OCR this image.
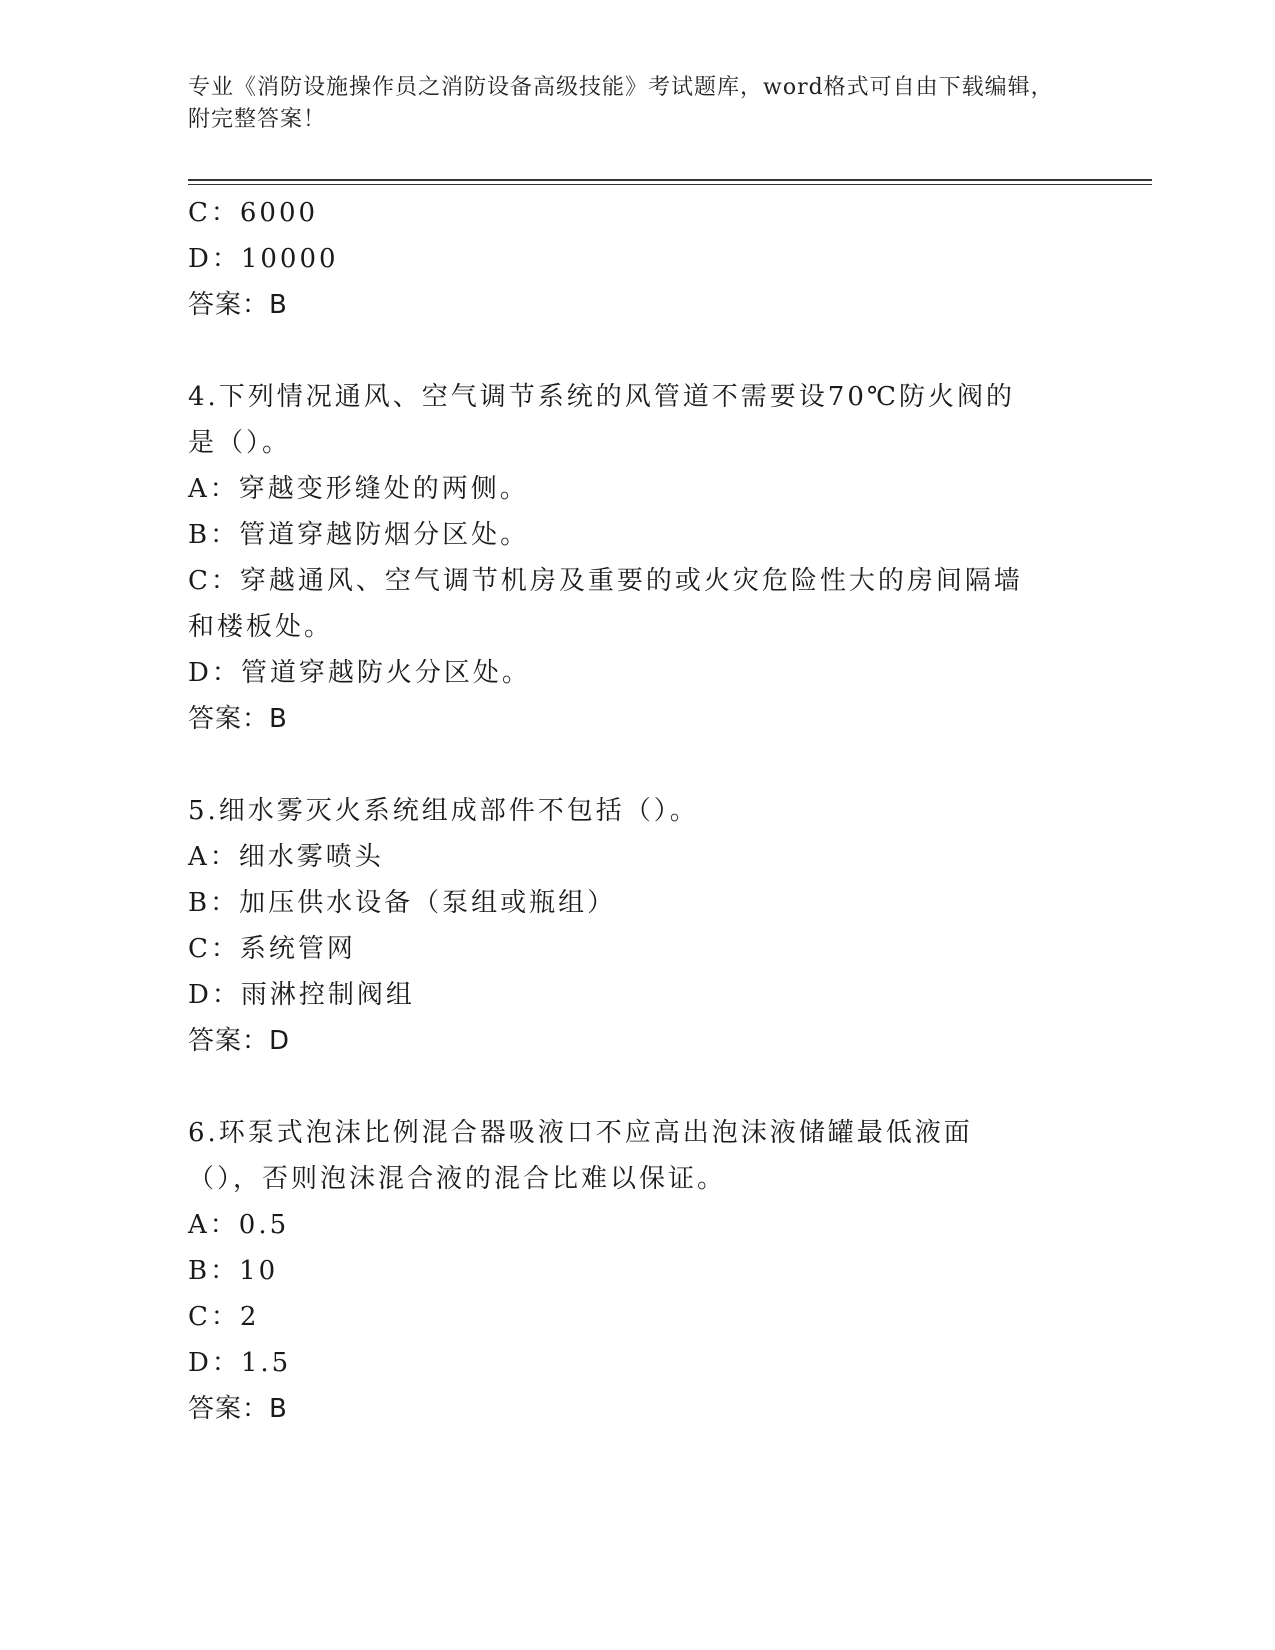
专业《消防设施操作员之消防设备高级技能》考试题库，word格式可自由下载编辑，附完整答案！
C：6000
D：10000
答案：B
4.下列情况通风、空气调节系统的风管道不需要设70℃防火阀的是（）。
A：穿越变形缝处的两侧。
B：管道穿越防烟分区处。
C：穿越通风、空气调节机房及重要的或火灾危险性大的房间隔墙和楼板处。
D：管道穿越防火分区处。
答案：B
5.细水雾灭火系统组成部件不包括（）。
A：细水雾喷头
B：加压供水设备（泵组或瓶组）
C：系统管网
D：雨淋控制阀组
答案：D
6.环泵式泡沫比例混合器吸液口不应高出泡沫液储罐最低液面（），否则泡沫混合液的混合比难以保证。
A：0.5
B：10
C：2
D：1.5
答案：B
